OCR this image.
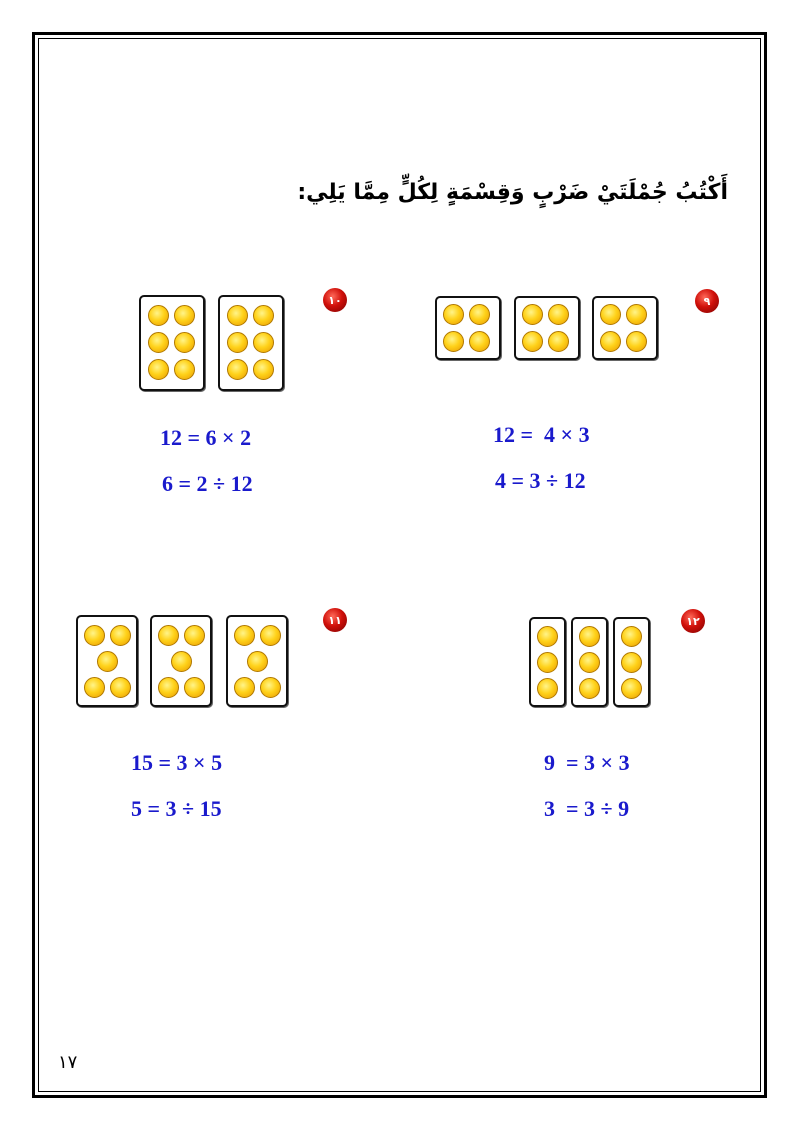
أَكْتُبُ جُمْلَتَيْ ضَرْبٍ وَقِسْمَةٍ لِكُلٍّ مِمَّا يَلِي:
٩
12 =  4 × 3
4 = 3 ÷ 12
١٠
12 = 6 × 2
6 = 2 ÷ 12
١٢
9  = 3 × 3
3  = 3 ÷ 9
١١
15 = 3 × 5
5 = 3 ÷ 15
١٧
